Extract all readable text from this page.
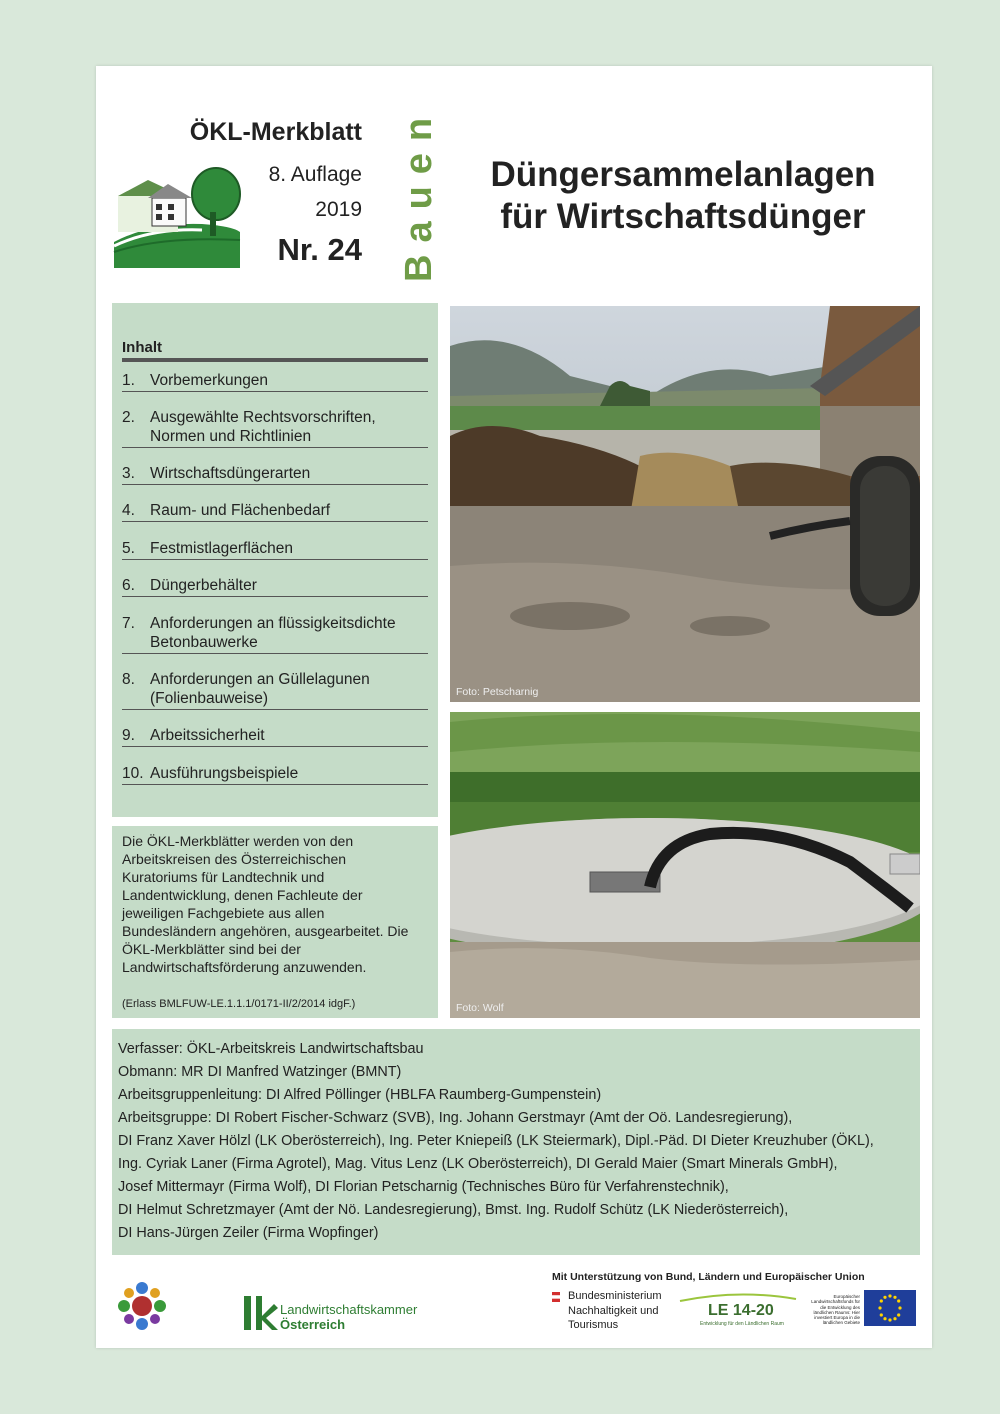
ÖKL-Merkblatt
8. Auflage
2019
Nr. 24 Bauen	Düngersammelanlagen
für Wirtschaftsdünger
Inhalt
1. Vorbemerkungen
2. Ausgewählte Rechtsvorschriften, Normen und Richtlinien
3. Wirtschaftsdüngerarten
4. Raum- und Flächenbedarf
5. Festmistlagerflächen
6. Düngerbehälter
7. Anforderungen an flüssigkeitsdichte Betonbauwerke
8. Anforderungen an Güllelagunen (Folienbauweise)
9. Arbeitssicherheit
10. Ausführungsbeispiele
Die ÖKL-Merkblätter werden von den Arbeitskreisen des Österreichischen Kuratoriums für Landtechnik und Landentwicklung, denen Fachleute der jeweiligen Fachgebiete aus allen Bundesländern angehören, ausgearbeitet. Die ÖKL-Merkblätter sind bei der Landwirtschaftsförderung anzuwenden.
(Erlass BMLFUW-LE.1.1.1/0171-II/2/2014 idgF.)
Foto: Petscharnig
Foto: Wolf

Verfasser: ÖKL-Arbeitskreis Landwirtschaftsbau

Obmann: MR DI Manfred Watzinger (BMNT)

Arbeitsgruppenleitung: DI Alfred Pöllinger (HBLFA Raumberg-Gumpenstein)

Arbeitsgruppe: DI Robert Fischer-Schwarz (SVB), Ing. Johann Gerstmayr (Amt der Oö. Landesregierung),

DI Franz Xaver Hölzl (LK Oberösterreich), Ing. Peter Kniepeiß (LK Steiermark), Dipl.-Päd. DI Dieter Kreuzhuber (ÖKL),

Ing. Cyriak Laner (Firma Agrotel), Mag. Vitus Lenz (LK Oberösterreich), DI Gerald Maier (Smart Minerals GmbH),

Josef Mittermayr (Firma Wolf), DI Florian Petscharnig (Technisches Büro für Verfahrenstechnik),

DI Helmut Schretzmayer (Amt der Nö. Landesregierung), Bmst. Ing. Rudolf Schütz (LK Niederösterreich),

DI Hans-Jürgen Zeiler (Firma Wopfinger)

Landwirtschaftskammer
Österreich
Mit Unterstützung von Bund, Ländern und Europäischer Union
Bundesministerium
Nachhaltigkeit und
Tourismus
LE 14-20
Entwicklung für den Ländlichen Raum
Europäischer Landwirtschaftsfonds für die Entwicklung des ländlichen Raums: Hier investiert Europa in die ländlichen Gebiete
